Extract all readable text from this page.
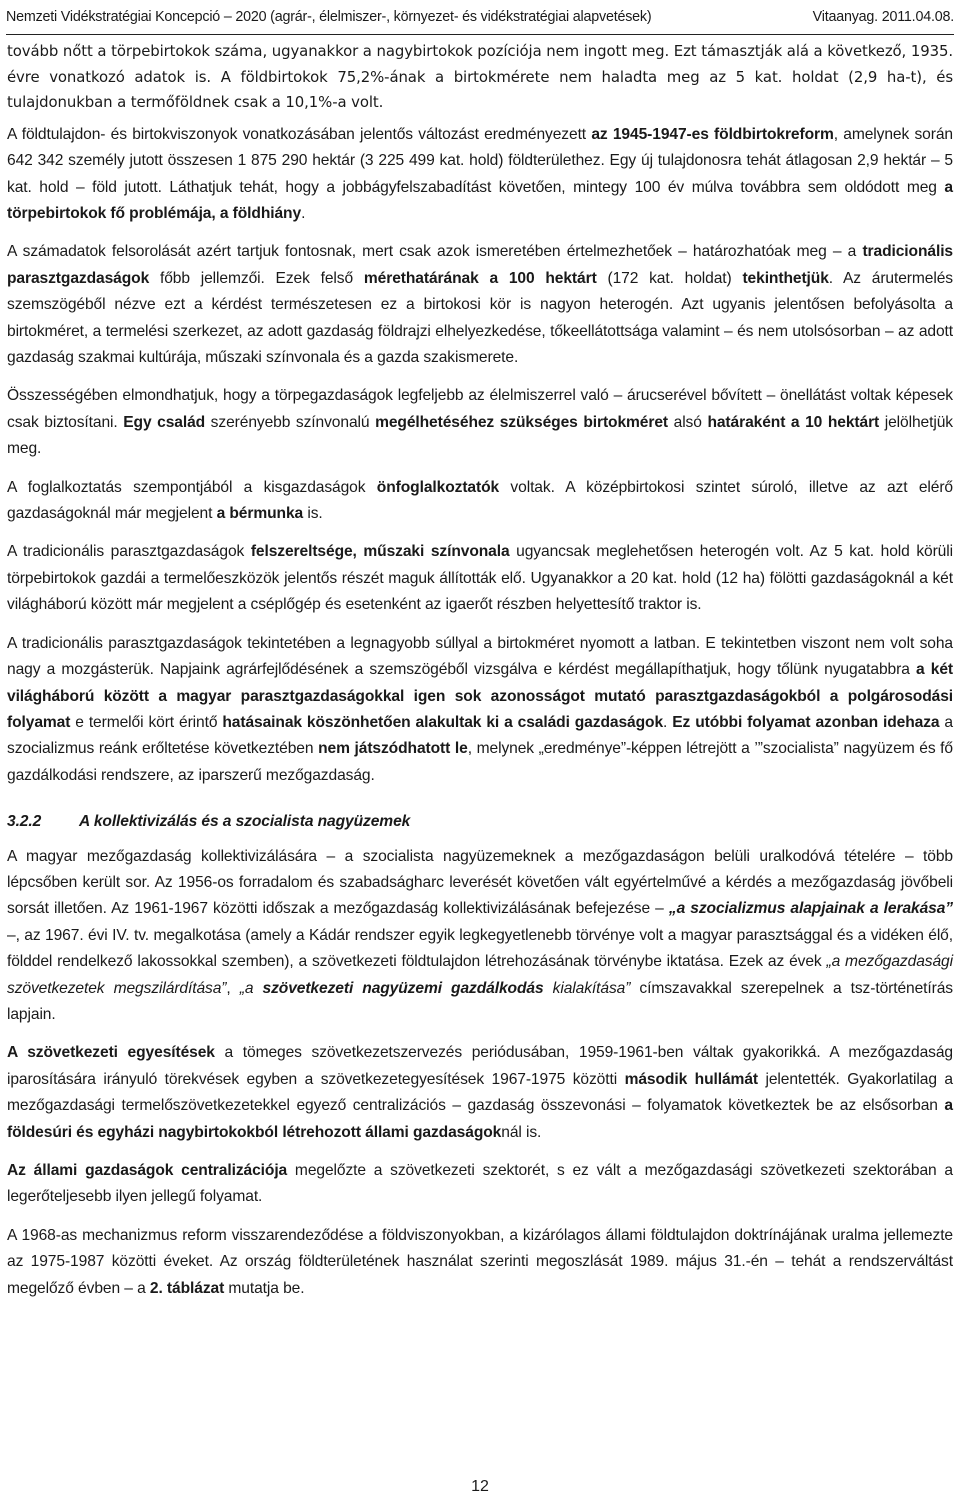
Nemzeti Vidékstratégiai Koncepció – 2020 (agrár-, élelmiszer-, környezet- és vidékstratégiai alapvetések)	Vitaanyag. 2011.04.08.

tovább nőtt a törpebirtokok száma, ugyanakkor a nagybirtokok pozíciója nem ingott meg. Ezt támasztják alá a következő, 1935. évre vonatkozó adatok is. A földbirtokok 75,2%-ának a birtokmérete nem haladta meg az 5 kat. holdat (2,9 ha-t), és tulajdonukban a termőföldnek csak a 10,1%-a volt.

A földtulajdon- és birtokviszonyok vonatkozásában jelentős változást eredményezett az 1945-1947-es földbirtokreform, amelynek során 642 342 személy jutott összesen 1 875 290 hektár (3 225 499 kat. hold) földterülethez. Egy új tulajdonosra tehát átlagosan 2,9 hektár – 5 kat. hold – föld jutott. Láthatjuk tehát, hogy a jobbágyfelszabadítást követően, mintegy 100 év múlva továbbra sem oldódott meg a törpebirtokok fő problémája, a földhiány.

A számadatok felsorolását azért tartjuk fontosnak, mert csak azok ismeretében értelmezhetőek – határozhatóak meg – a tradicionális parasztgazdaságok főbb jellemzői. Ezek felső mérethatárának a 100 hektárt (172 kat. holdat) tekinthetjük. Az árutermelés szemszögéből nézve ezt a kérdést természetesen ez a birtokosi kör is nagyon heterogén. Azt ugyanis jelentősen befolyásolta a birtokméret, a termelési szerkezet, az adott gazdaság földrajzi elhelyezkedése, tőkeellátottsága valamint – és nem utolsósorban – az adott gazdaság szakmai kultúrája, műszaki színvonala és a gazda szakismerete.

Összességében elmondhatjuk, hogy a törpegazdaságok legfeljebb az élelmiszerrel való – árucserével bővített – önellátást voltak képesek csak biztosítani. Egy család szerényebb színvonalú megélhetéséhez szükséges birtokméret alsó határaként a 10 hektárt jelölhetjük meg.

A foglalkoztatás szempontjából a kisgazdaságok önfoglalkoztatók voltak. A középbirtokosi szintet súroló, illetve az azt elérő gazdaságoknál már megjelent a bérmunka is.

A tradicionális parasztgazdaságok felszereltsége, műszaki színvonala ugyancsak meglehetősen heterogén volt. Az 5 kat. hold körüli törpebirtokok gazdái a termelőeszközök jelentős részét maguk állították elő. Ugyanakkor a 20 kat. hold (12 ha) fölötti gazdaságoknál a két világháború között már megjelent a cséplőgép és esetenként az igaerőt részben helyettesítő traktor is.

A tradicionális parasztgazdaságok tekintetében a legnagyobb súllyal a birtokméret nyomott a latban. E tekintetben viszont nem volt soha nagy a mozgásterük. Napjaink agrárfejlődésének a szemszögéből vizsgálva e kérdést megállapíthatjuk, hogy tőlünk nyugatabbra a két világháború között a magyar parasztgazdaságokkal igen sok azonosságot mutató parasztgazdaságokból a polgárosodási folyamat e termelői kört érintő hatásainak köszönhetően alakultak ki a családi gazdaságok. Ez utóbbi folyamat azonban idehaza a szocializmus reánk erőltetése következtében nem játszódhatott le, melynek „eredménye”-képpen létrejött a ’”szocialista” nagyüzem és fő gazdálkodási rendszere, az iparszerű mezőgazdaság.

3.2.2	A kollektivizálás és a szocialista nagyüzemek

A magyar mezőgazdaság kollektivizálására – a szocialista nagyüzemeknek a mezőgazdaságon belüli uralkodóvá tételére – több lépcsőben került sor. Az 1956-os forradalom és szabadságharc leverését követően vált egyértelművé a kérdés a mezőgazdaság jövőbeli sorsát illetően. Az 1961-1967 közötti időszak a mezőgazdaság kollektivizálásának befejezése – „a szocializmus alapjainak a lerakása” –, az 1967. évi IV. tv. megalkotása (amely a Kádár rendszer egyik legkegyetlenebb törvénye volt a magyar parasztsággal és a vidéken élő, földdel rendelkező lakossokkal szemben), a szövetkezeti földtulajdon létrehozásának törvénybe iktatása. Ezek az évek „a mezőgazdasági szövetkezetek megszilárdítása”, „a szövetkezeti nagyüzemi gazdálkodás kialakítása” címszavakkal szerepelnek a tsz-történetírás lapjain.

A szövetkezeti egyesítések a tömeges szövetkezetszervezés periódusában, 1959-1961-ben váltak gyakorikká. A mezőgazdaság iparosítására irányuló törekvések egyben a szövetkezetegyesítések 1967-1975 közötti második hullámát jelentették. Gyakorlatilag a mezőgazdasági termelőszövetkezetekkel egyező centralizációs – gazdaság összevonási – folyamatok következtek be az elsősorban a földesúri és egyházi nagybirtokokból létrehozott állami gazdaságoknál is.

Az állami gazdaságok centralizációja megelőzte a szövetkezeti szektorét, s ez vált a mezőgazdasági szövetkezeti szektorában a legerőteljesebb ilyen jellegű folyamat.

A 1968-as mechanizmus reform visszarendeződése a földviszonyokban, a kizárólagos állami földtulajdon doktrínájának uralma jellemezte az 1975-1987 közötti éveket. Az ország földterületének használat szerinti megoszlását 1989. május 31.-én – tehát a rendszerváltást megelőző évben – a 2. táblázat mutatja be.

12
